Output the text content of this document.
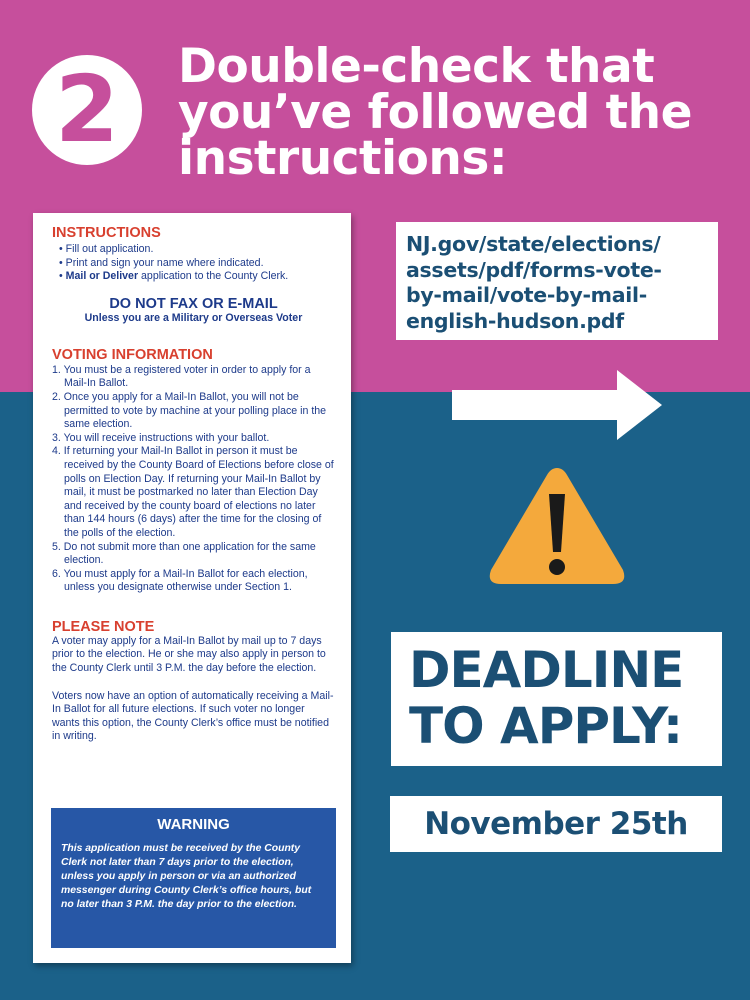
2	Double-check that
you’ve followed the
instructions:
INSTRUCTIONS
• Fill out application.
• Print and sign your name where indicated.
• Mail or Deliver application to the County Clerk.
DO NOT FAX OR E-MAIL
Unless you are a Military or Overseas Voter
VOTING INFORMATION
1. You must be a registered voter in order to apply for a Mail-In Ballot.
2. Once you apply for a Mail-In Ballot, you will not be permitted to vote by machine at your polling place in the same election.
3. You will receive instructions with your ballot.
4. If returning your Mail-In Ballot in person it must be received by the County Board of Elections before close of polls on Election Day. If returning your Mail-In Ballot by mail, it must be postmarked no later than Election Day and received by the county board of elections no later than 144 hours (6 days) after the time for the closing of the polls of the election.
5. Do not submit more than one application for the same election.
6. You must apply for a Mail-In Ballot for each election, unless you designate otherwise under Section 1.
PLEASE NOTE

A voter may apply for a Mail-In Ballot by mail up to 7 days prior to the election. He or she may also apply in person to the County Clerk until 3 P.M. the day before the election.

Voters now have an option of automatically receiving a Mail-In Ballot for all future elections. If such voter no longer wants this option, the County Clerk’s office must be notified in writing.

WARNING
This application must be received by the County Clerk not later than 7 days prior to the election, unless you apply in person or via an authorized messenger during County Clerk’s office hours, but no later than 3 P.M. the day prior to the election.
NJ.gov/state/elections/
assets/pdf/forms-vote-
by-mail/vote-by-mail-
english-hudson.pdf
DEADLINE
TO APPLY:
November 25th
